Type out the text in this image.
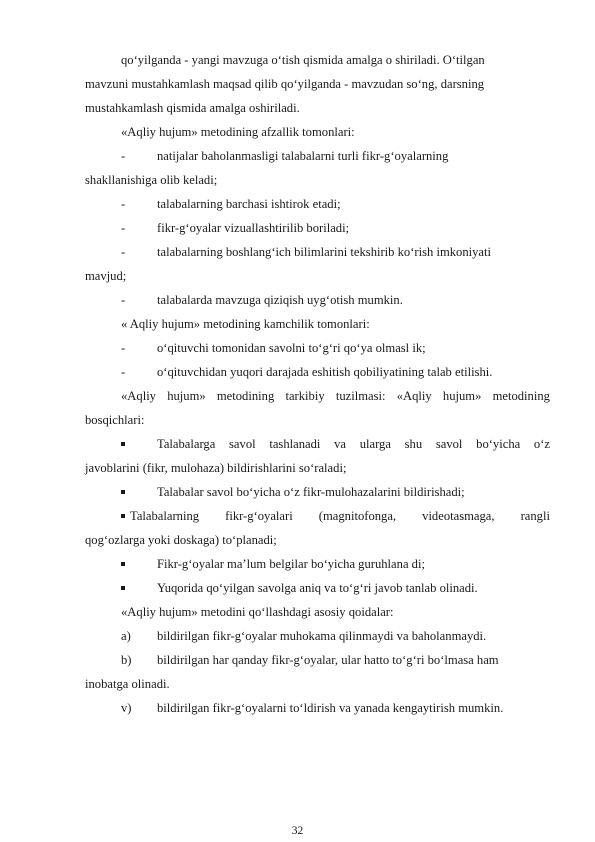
qo‘yilganda - yangi mavzuga o‘tish qismida amalga o shiriladi. O‘tilgan
mavzuni mustahkamlash maqsad qilib qo‘yilganda - mavzudan so‘ng, darsning
mustahkamlash qismida amalga oshiriladi.
«Aqliy hujum» metodining afzallik tomonlari:
-	natijalar baholanmasligi talabalarni turli fikr-g‘oyalarning
shakllanishiga olib keladi;
-	talabalarning barchasi ishtirok etadi;
-	fikr-g‘oyalar vizuallashtirilib boriladi;
-	talabalarning boshlang‘ich bilimlarini tekshirib ko‘rish imkoniyati
mavjud;
-	talabalarda mavzuga qiziqish uyg‘otish mumkin.
« Aqliy hujum» metodining kamchilik tomonlari:
-	o‘qituvchi tomonidan savolni to‘g‘ri qo‘ya olmasl ik;
-	o‘qituvchidan yuqori darajada eshitish qobiliyatining talab etilishi.
«Aqliy hujum» metodining tarkibiy tuzilmasi: «Aqliy hujum» metodining
bosqichlari:
Talabalarga savol tashlanadi va ularga shu savol bo‘yicha o‘z
javoblarini (fikr, mulohaza) bildirishlarini so‘raladi;
Talabalar savol bo‘yicha o‘z fikr-mulohazalarini bildirishadi;
Talabalarning fikr-g‘oyalari (magnitofonga, videotasmaga, rangli
qog‘ozlarga yoki doskaga) to‘planadi;
Fikr-g‘oyalar ma’lum belgilar bo‘yicha guruhlana di;
Yuqorida qo‘yilgan savolga aniq va to‘g‘ri javob tanlab olinadi.
«Aqliy hujum» metodini qo‘llashdagi asosiy qoidalar:
a) bildirilgan fikr-g‘oyalar muhokama qilinmaydi va baholanmaydi.
b) bildirilgan har qanday fikr-g‘oyalar, ular hatto to‘g‘ri bo‘lmasa ham
inobatga olinadi.
v) bildirilgan fikr-g‘oyalarni to‘ldirish va yanada kengaytirish mumkin.
32
